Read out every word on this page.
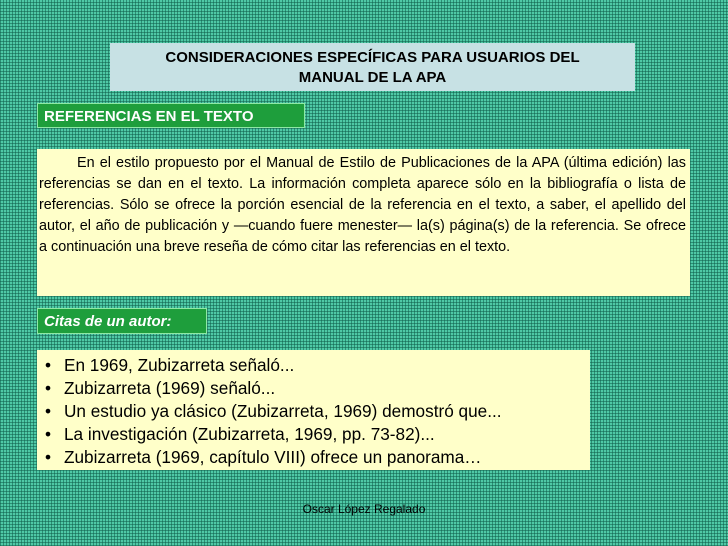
CONSIDERACIONES ESPECÍFICAS PARA USUARIOS DEL
MANUAL DE LA APA
REFERENCIAS EN EL TEXTO

En el estilo propuesto por el Manual de Estilo de Publicaciones de la APA (última edición) las referencias se dan en el texto. La información completa aparece sólo en la bibliografía o lista de referencias. Sólo se ofrece la porción esencial de la referencia en el texto, a saber, el apellido del autor, el año de publicación y —cuando fuere menester— la(s) página(s) de la referencia. Se ofrece a continuación una breve reseña de cómo citar las referencias en el texto.

Citas de un autor:
• En 1969, Zubizarreta señaló...
• Zubizarreta (1969) señaló...
• Un estudio ya clásico (Zubizarreta, 1969) demostró que...
• La investigación (Zubizarreta, 1969, pp. 73-82)...
• Zubizarreta (1969, capítulo VIII) ofrece un panorama…
Oscar López Regalado
